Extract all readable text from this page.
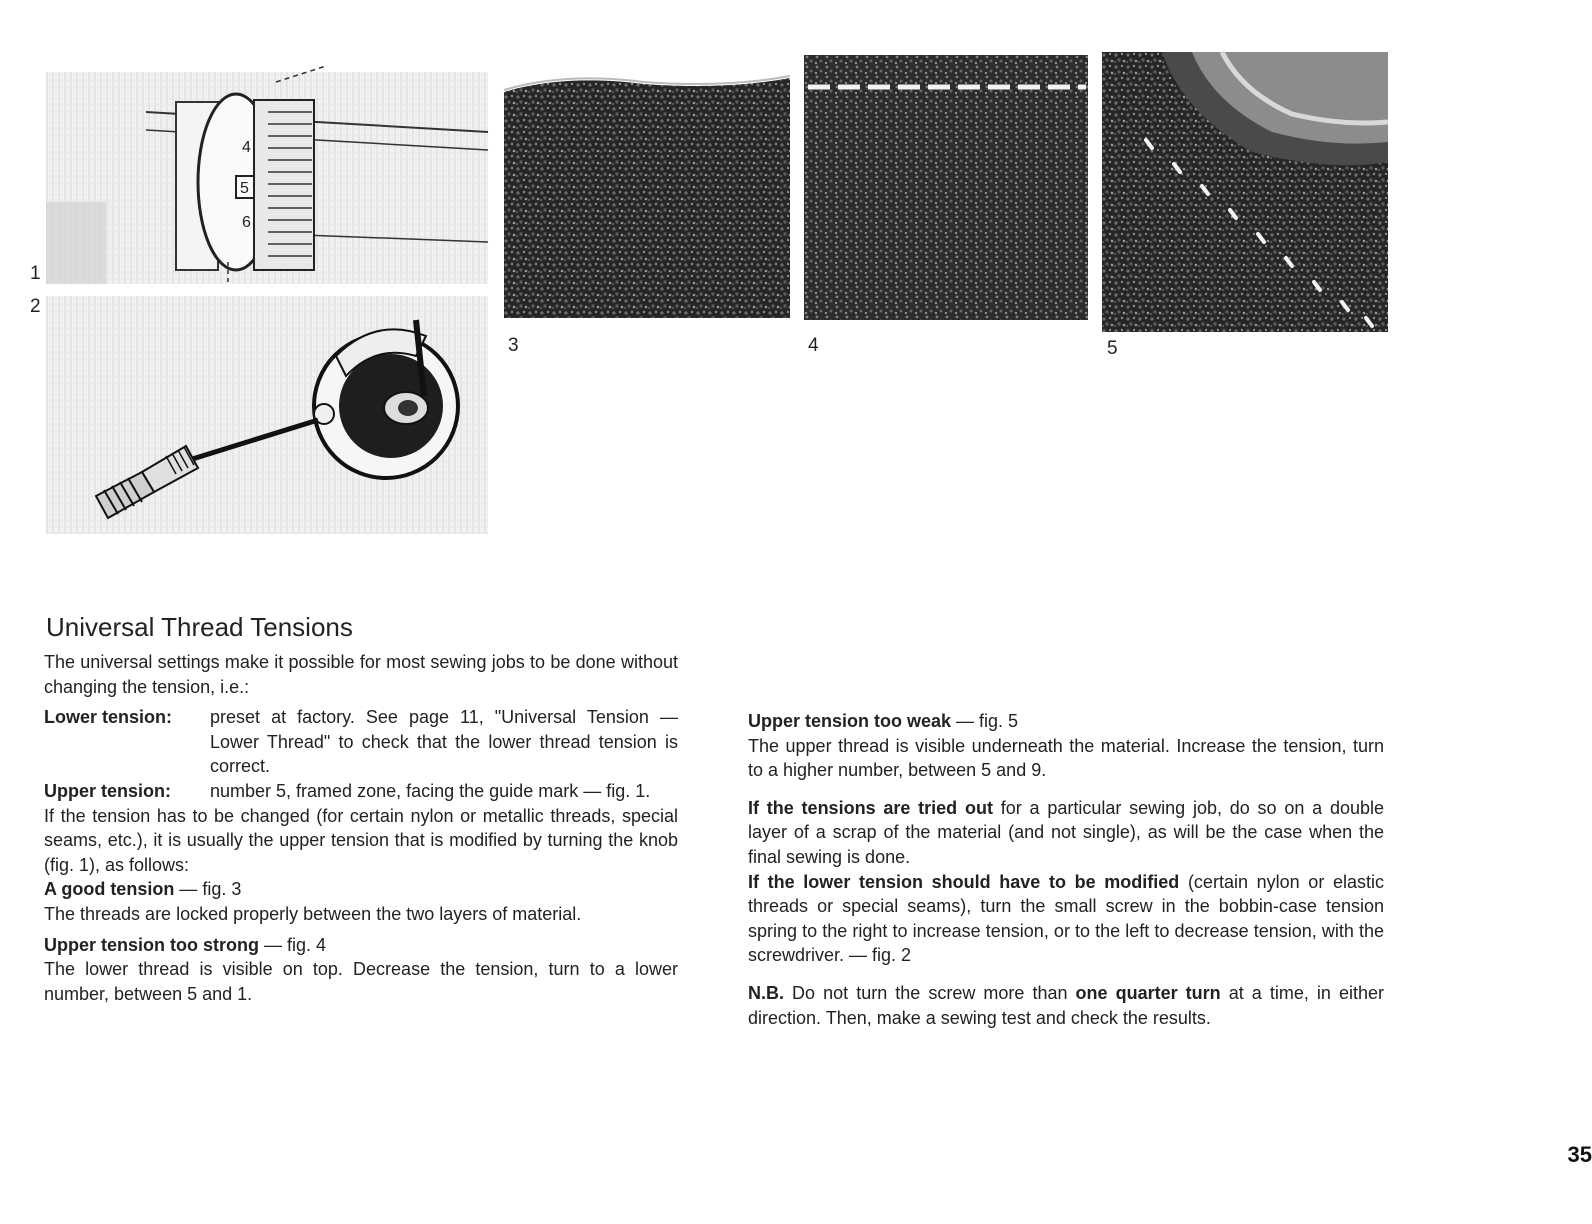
4
5
6
1
2
3	4	5
Universal Thread Tensions

The universal settings make it possible for most sewing jobs to be done without changing the tension, i.e.:

Lower tension:	preset at factory. See page 11, "Universal Tension — Lower Thread" to check that the lower thread tension is correct.
Upper tension:	number 5, framed zone, facing the guide mark — fig. 1.

If the tension has to be changed (for certain nylon or metallic threads, special seams, etc.), it is usually the upper tension that is modified by turning the knob (fig. 1), as follows:

A good tension — fig. 3

The threads are locked properly between the two layers of material.

Upper tension too strong — fig. 4

The lower thread is visible on top. Decrease the tension, turn to a lower number, between 5 and 1.

Upper tension too weak — fig. 5

The upper thread is visible underneath the material. Increase the tension, turn to a higher number, between 5 and 9.

If the tensions are tried out for a particular sewing job, do so on a double layer of a scrap of the material (and not single), as will be the case when the final sewing is done.

If the lower tension should have to be modified (certain nylon or elastic threads or special seams), turn the small screw in the bobbin-case tension spring to the right to increase tension, or to the left to decrease tension, with the screwdriver. — fig. 2

N.B. Do not turn the screw more than one quarter turn at a time, in either direction. Then, make a sewing test and check the results.

35
